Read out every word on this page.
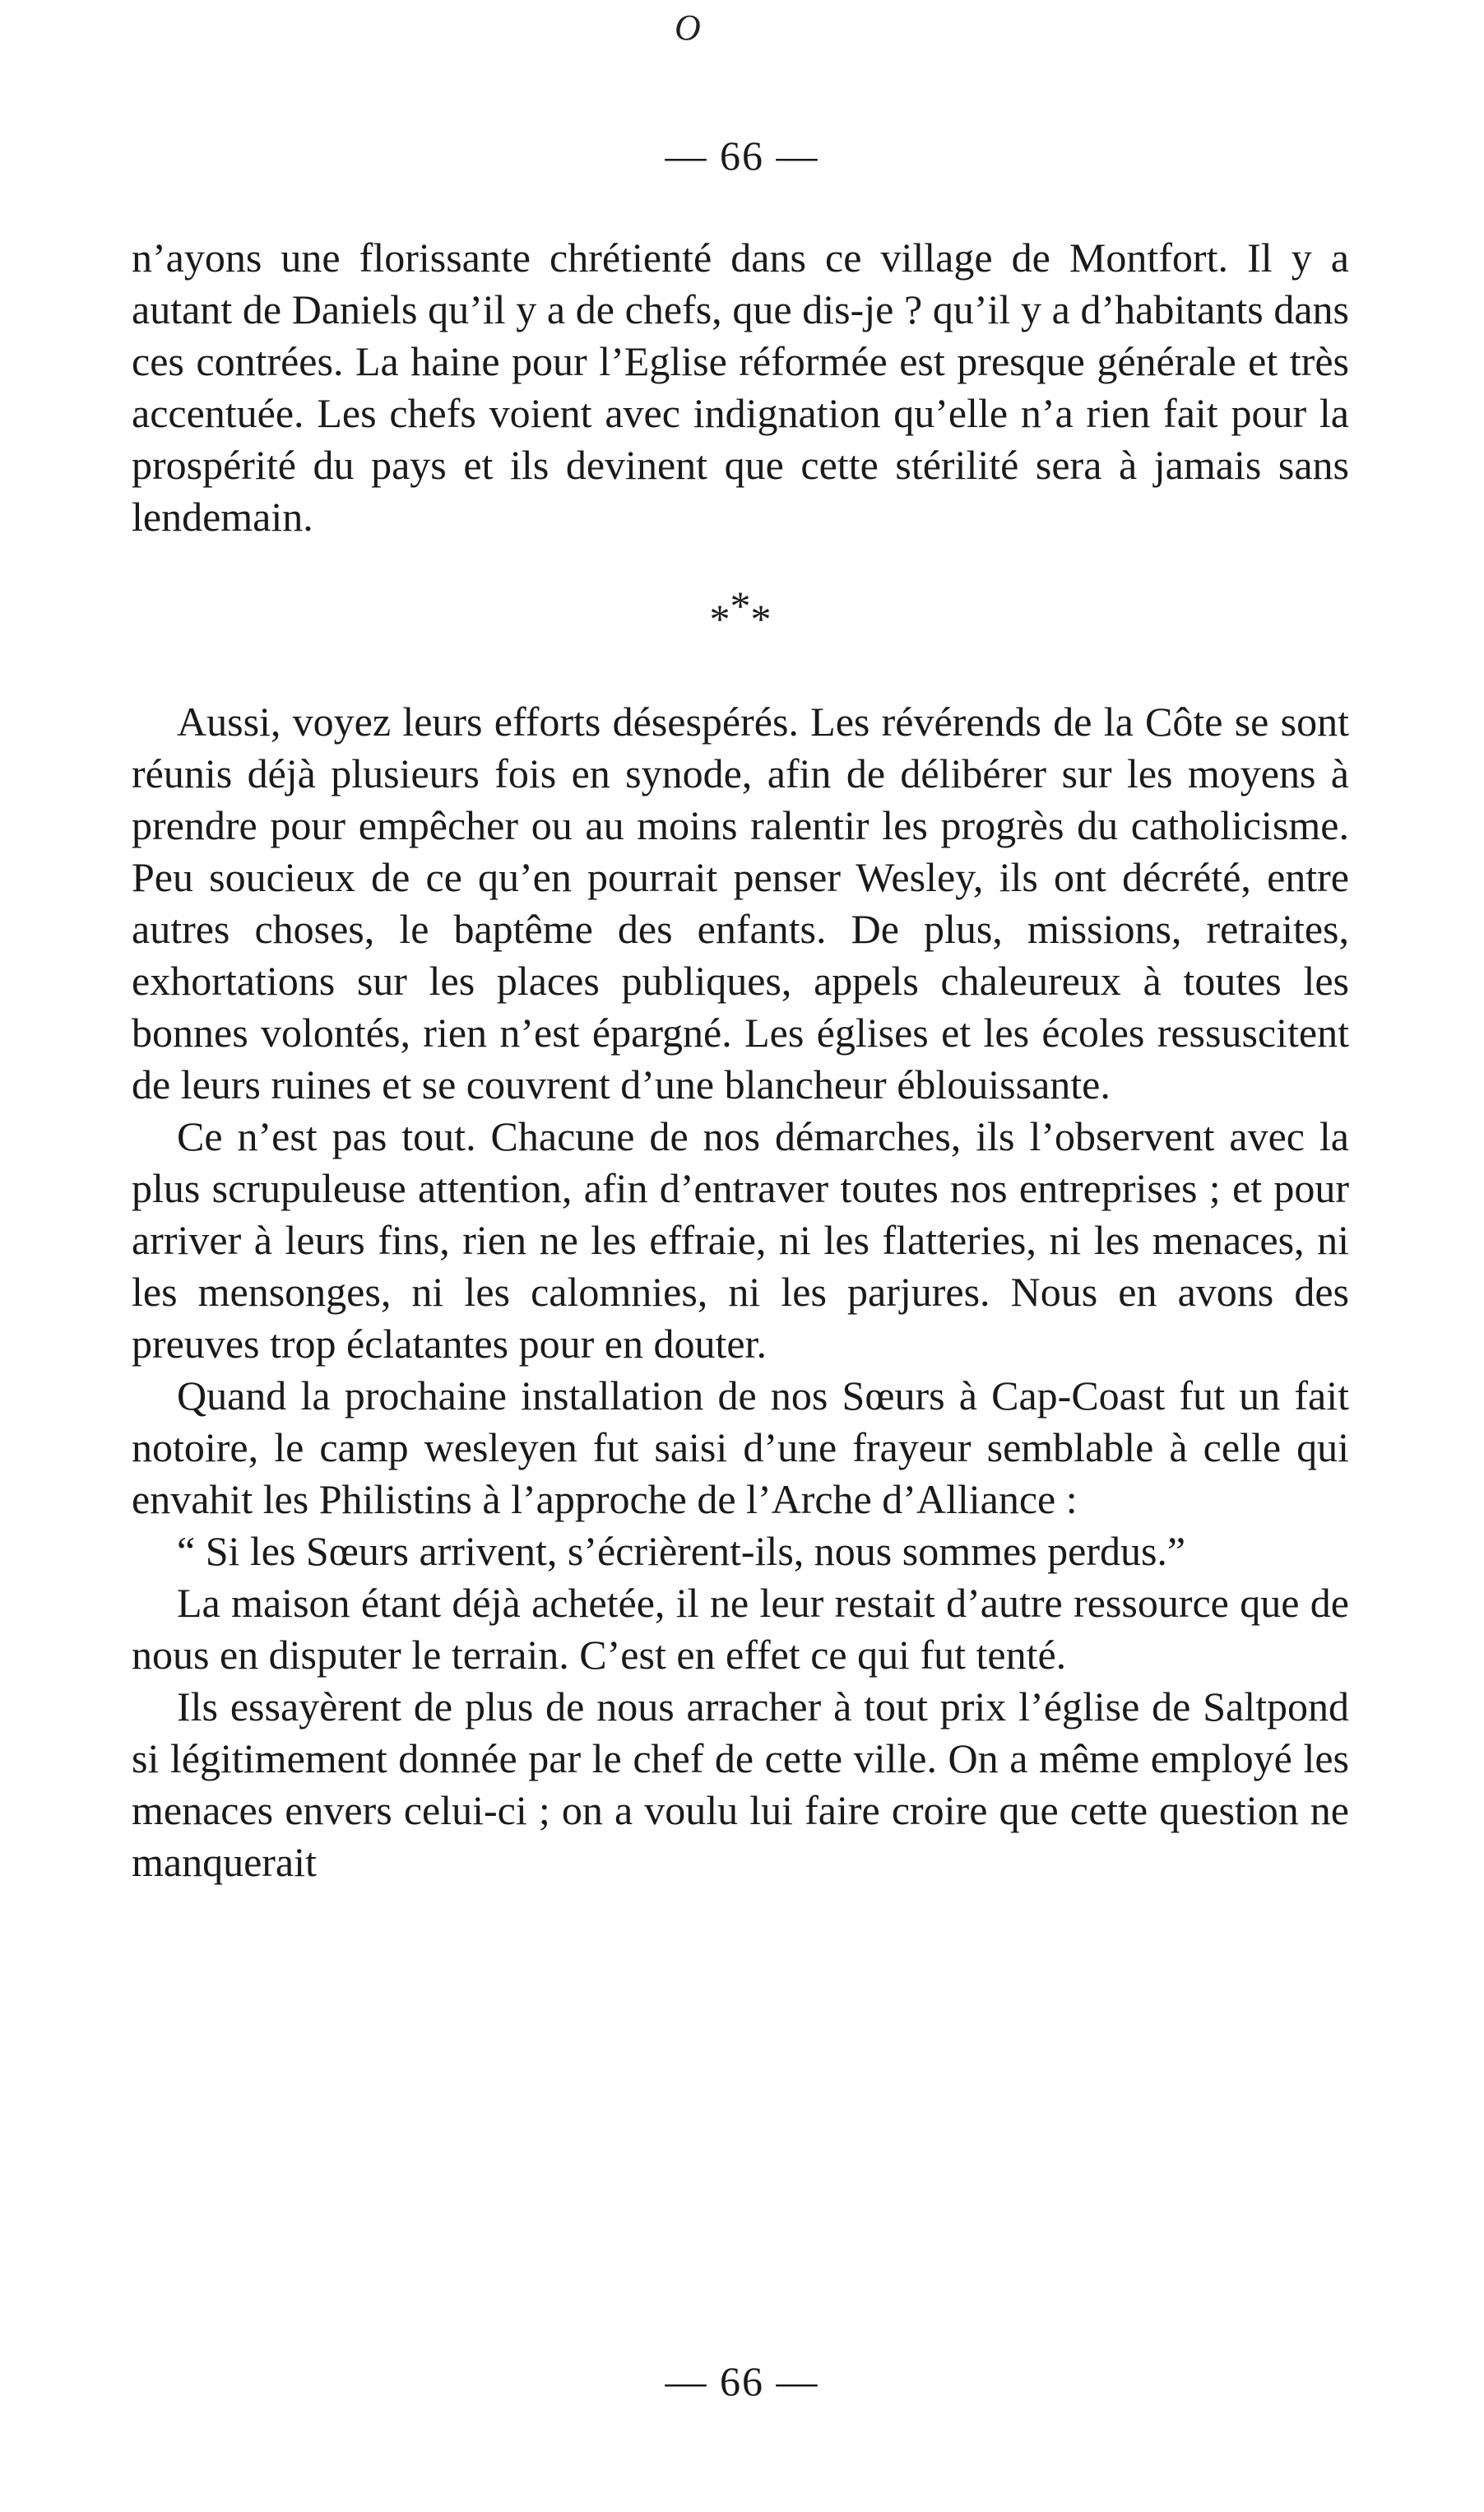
O
— 66 —

n’ayons une florissante chrétienté dans ce village de Montfort. Il y a autant de Daniels qu’il y a de chefs, que dis-je ? qu’il y a d’habitants dans ces contrées. La haine pour l’Eglise réformée est presque générale et très accentuée. Les chefs voient avec indignation qu’elle n’a rien fait pour la prospérité du pays et ils devinent que cette stérilité sera à jamais sans lendemain.

***

Aussi, voyez leurs efforts désespérés. Les révérends de la Côte se sont réunis déjà plusieurs fois en synode, afin de délibérer sur les moyens à prendre pour empêcher ou au moins ralentir les progrès du catholicisme. Peu soucieux de ce qu’en pourrait penser Wesley, ils ont décrété, entre autres choses, le baptême des enfants. De plus, missions, retraites, exhortations sur les places publiques, appels chaleureux à toutes les bonnes volontés, rien n’est épargné. Les églises et les écoles ressuscitent de leurs ruines et se couvrent d’une blancheur éblouissante.

Ce n’est pas tout. Chacune de nos démarches, ils l’observent avec la plus scrupuleuse attention, afin d’entraver toutes nos entreprises ; et pour arriver à leurs fins, rien ne les effraie, ni les flatteries, ni les menaces, ni les mensonges, ni les calomnies, ni les parjures. Nous en avons des preuves trop éclatantes pour en douter.

Quand la prochaine installation de nos Sœurs à Cap-Coast fut un fait notoire, le camp wesleyen fut saisi d’une frayeur semblable à celle qui envahit les Philistins à l’approche de l’Arche d’Alliance :

“ Si les Sœurs arrivent, s’écrièrent-ils, nous sommes perdus.”

La maison étant déjà achetée, il ne leur restait d’autre ressource que de nous en disputer le terrain. C’est en effet ce qui fut tenté.

Ils essayèrent de plus de nous arracher à tout prix l’église de Saltpond si légitimement donnée par le chef de cette ville. On a même employé les menaces envers celui-ci ; on a voulu lui faire croire que cette question ne manquerait

— 66 —
